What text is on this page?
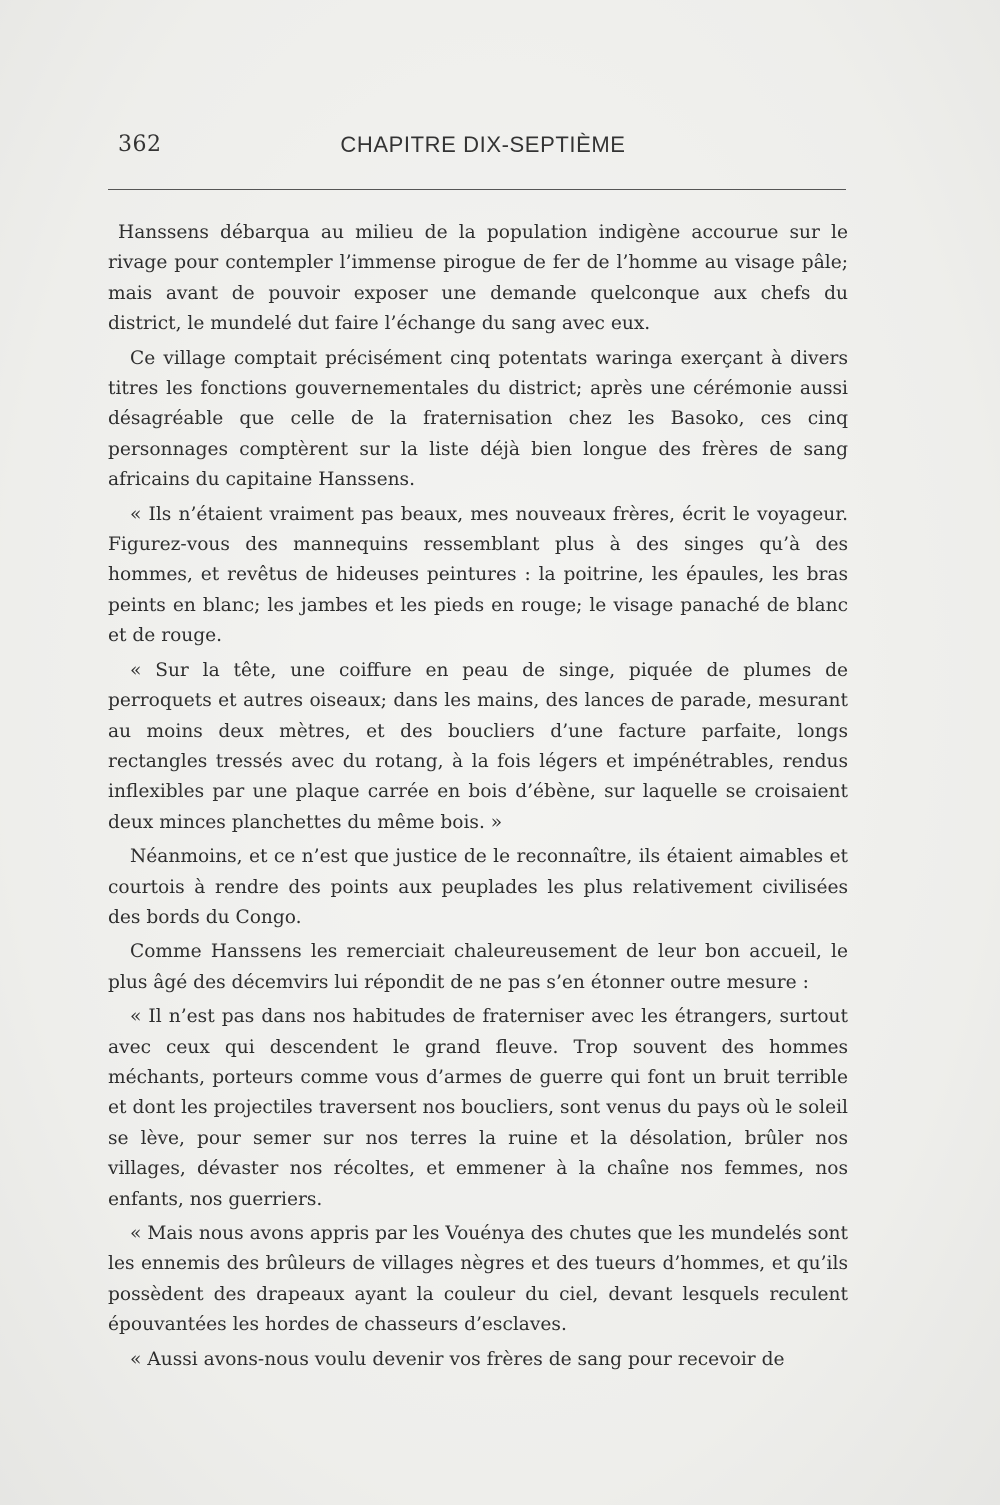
362	CHAPITRE DIX-SEPTIÈME

Hanssens débarqua au milieu de la population indigène accourue sur le rivage pour contempler l’immense pirogue de fer de l’homme au visage pâle; mais avant de pouvoir exposer une demande quelconque aux chefs du district, le mundelé dut faire l’échange du sang avec eux.

Ce village comptait précisément cinq potentats waringa exerçant à divers titres les fonctions gouvernementales du district; après une cérémonie aussi désagréable que celle de la fraternisation chez les Basoko, ces cinq personnages comptèrent sur la liste déjà bien longue des frères de sang africains du capitaine Hanssens.

« Ils n’étaient vraiment pas beaux, mes nouveaux frères, écrit le voyageur. Figurez-vous des mannequins ressemblant plus à des singes qu’à des hommes, et revêtus de hideuses peintures : la poitrine, les épaules, les bras peints en blanc; les jambes et les pieds en rouge; le visage panaché de blanc et de rouge.

« Sur la tête, une coiffure en peau de singe, piquée de plumes de perroquets et autres oiseaux; dans les mains, des lances de parade, mesurant au moins deux mètres, et des boucliers d’une facture parfaite, longs rectangles tressés avec du rotang, à la fois légers et impénétrables, rendus inflexibles par une plaque carrée en bois d’ébène, sur laquelle se croisaient deux minces planchettes du même bois. »

Néanmoins, et ce n’est que justice de le reconnaître, ils étaient aimables et courtois à rendre des points aux peuplades les plus relativement civilisées des bords du Congo.

Comme Hanssens les remerciait chaleureusement de leur bon accueil, le plus âgé des décemvirs lui répondit de ne pas s’en étonner outre mesure :

« Il n’est pas dans nos habitudes de fraterniser avec les étrangers, surtout avec ceux qui descendent le grand fleuve. Trop souvent des hommes méchants, porteurs comme vous d’armes de guerre qui font un bruit terrible et dont les projectiles traversent nos boucliers, sont venus du pays où le soleil se lève, pour semer sur nos terres la ruine et la désolation, brûler nos villages, dévaster nos récoltes, et emmener à la chaîne nos femmes, nos enfants, nos guerriers.

« Mais nous avons appris par les Vouénya des chutes que les mundelés sont les ennemis des brûleurs de villages nègres et des tueurs d’hommes, et qu’ils possèdent des drapeaux ayant la couleur du ciel, devant lesquels reculent épouvantées les hordes de chasseurs d’esclaves.

« Aussi avons-nous voulu devenir vos frères de sang pour recevoir de
